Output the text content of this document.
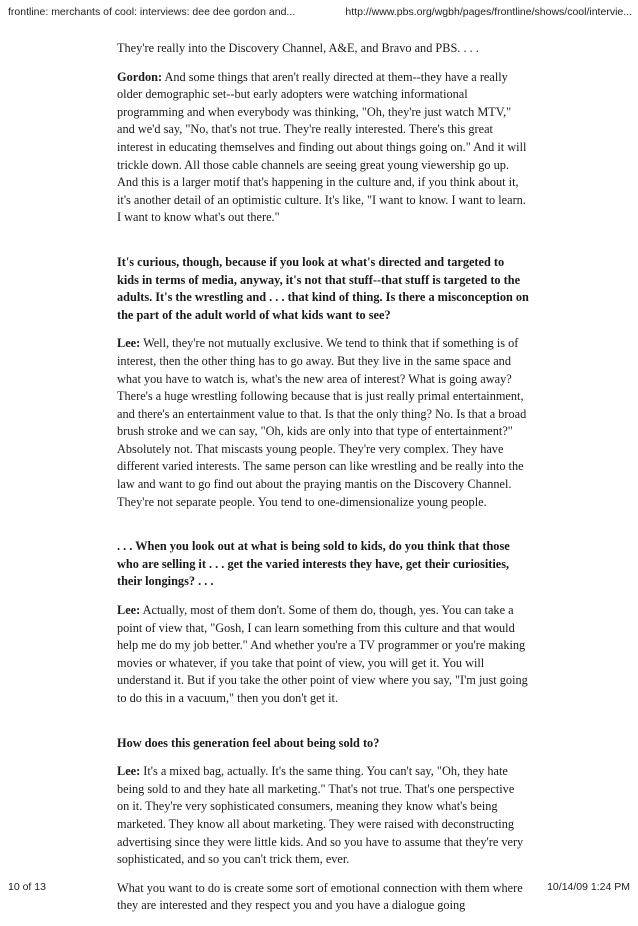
frontline: merchants of cool: interviews: dee dee gordon and...	http://www.pbs.org/wgbh/pages/frontline/shows/cool/intervie...

They're really into the Discovery Channel, A&E, and Bravo and PBS. . . .

Gordon: And some things that aren't really directed at them--they have a really older demographic set--but early adopters were watching informational programming and when everybody was thinking, "Oh, they're just watch MTV," and we'd say, "No, that's not true. They're really interested. There's this great interest in educating themselves and finding out about things going on." And it will trickle down. All those cable channels are seeing great young viewership go up. And this is a larger motif that's happening in the culture and, if you think about it, it's another detail of an optimistic culture. It's like, "I want to know. I want to learn. I want to know what's out there."

It's curious, though, because if you look at what's directed and targeted to kids in terms of media, anyway, it's not that stuff--that stuff is targeted to the adults. It's the wrestling and . . . that kind of thing. Is there a misconception on the part of the adult world of what kids want to see?

Lee: Well, they're not mutually exclusive. We tend to think that if something is of interest, then the other thing has to go away. But they live in the same space and what you have to watch is, what's the new area of interest? What is going away? There's a huge wrestling following because that is just really primal entertainment, and there's an entertainment value to that. Is that the only thing? No. Is that a broad brush stroke and we can say, "Oh, kids are only into that type of entertainment?" Absolutely not. That miscasts young people. They're very complex. They have different varied interests. The same person can like wrestling and be really into the law and want to go find out about the praying mantis on the Discovery Channel. They're not separate people. You tend to one-dimensionalize young people.

. . . When you look out at what is being sold to kids, do you think that those who are selling it . . . get the varied interests they have, get their curiosities, their longings? . . .

Lee: Actually, most of them don't. Some of them do, though, yes. You can take a point of view that, "Gosh, I can learn something from this culture and that would help me do my job better." And whether you're a TV programmer or you're making movies or whatever, if you take that point of view, you will get it. You will understand it. But if you take the other point of view where you say, "I'm just going to do this in a vacuum," then you don't get it.

How does this generation feel about being sold to?

Lee: It's a mixed bag, actually. It's the same thing. You can't say, "Oh, they hate being sold to and they hate all marketing." That's not true. That's one perspective on it. They're very sophisticated consumers, meaning they know what's being marketed. They know all about marketing. They were raised with deconstructing advertising since they were little kids. And so you have to assume that they're very sophisticated, and so you can't trick them, ever.

What you want to do is create some sort of emotional connection with them where they are interested and they respect you and you have a dialogue going

10 of 13	10/14/09 1:24 PM
